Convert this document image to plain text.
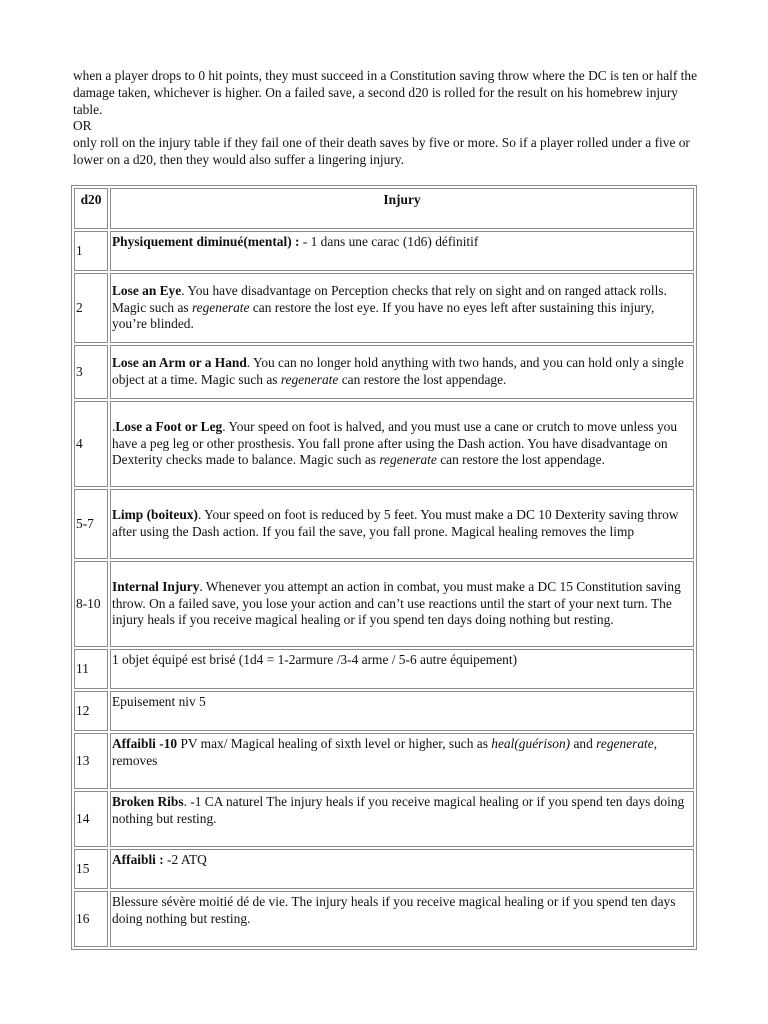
when a player drops to 0 hit points, they must succeed in a Constitution saving throw where the DC is ten or half the damage taken, whichever is higher. On a failed save, a second d20 is rolled for the result on his homebrew injury table.

OR

only roll on the injury table if they fail one of their death saves by five or more. So if a player rolled under a five or lower on a d20, then they would also suffer a lingering injury.

d20	Injury
1	Physiquement diminué(mental) : - 1 dans une carac (1d6) définitif
2	Lose an Eye. You have disadvantage on Perception checks that rely on sight and on ranged attack rolls. Magic such as regenerate can restore the lost eye. If you have no eyes left after sustaining this injury, you’re blinded.
3	Lose an Arm or a Hand. You can no longer hold anything with two hands, and you can hold only a single object at a time. Magic such as regenerate can restore the lost appendage.
4	.Lose a Foot or Leg. Your speed on foot is halved, and you must use a cane or crutch to move unless you have a peg leg or other prosthesis. You fall prone after using the Dash action. You have disadvantage on Dexterity checks made to balance. Magic such as regenerate can restore the lost appendage.
5-7	Limp (boiteux). Your speed on foot is reduced by 5 feet. You must make a DC 10 Dexterity saving throw after using the Dash action. If you fail the save, you fall prone. Magical healing removes the limp
8-10	Internal Injury. Whenever you attempt an action in combat, you must make a DC 15 Constitution saving throw. On a failed save, you lose your action and can’t use reactions until the start of your next turn. The injury heals if you receive magical healing or if you spend ten days doing nothing but resting.
11	1 objet équipé est brisé (1d4 = 1-2armure /3-4 arme / 5-6 autre équipement)
12	Epuisement niv 5
13	Affaibli -10 PV max/ Magical healing of sixth level or higher, such as heal(guérison) and regenerate, removes
14	Broken Ribs. -1 CA naturel The injury heals if you receive magical healing or if you spend ten days doing nothing but resting.
15	Affaibli : -2 ATQ
16	Blessure sévère moitié dé de vie. The injury heals if you receive magical healing or if you spend ten days doing nothing but resting.
